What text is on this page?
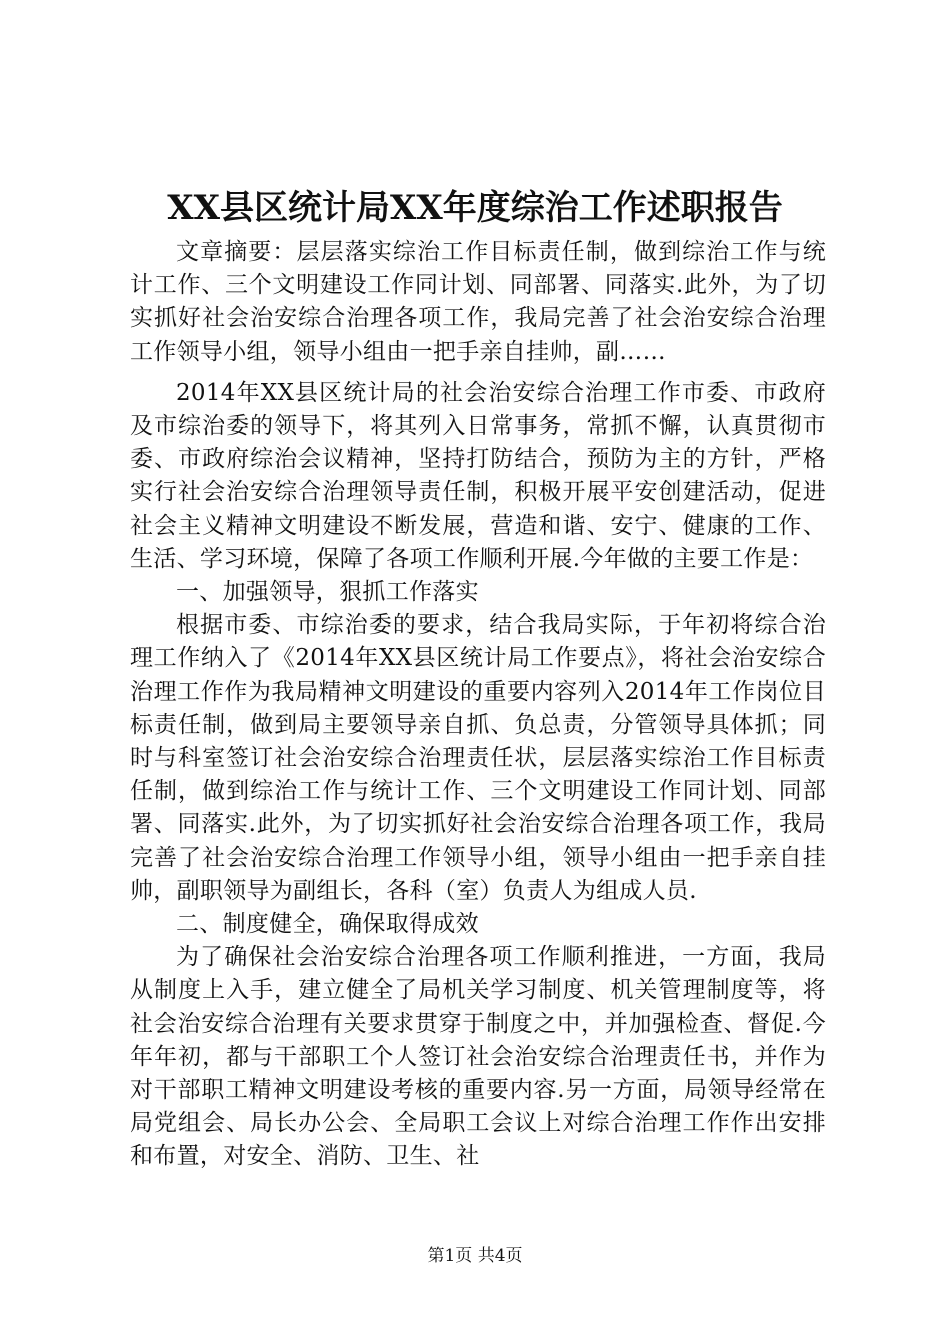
XX县区统计局XX年度综治工作述职报告

文章摘要：层层落实综治工作目标责任制，做到综治工作与统计工作、三个文明建设工作同计划、同部署、同落实.此外，为了切实抓好社会治安综合治理各项工作，我局完善了社会治安综合治理工作领导小组，领导小组由一把手亲自挂帅，副……

2014年XX县区统计局的社会治安综合治理工作市委、市政府及市综治委的领导下，将其列入日常事务，常抓不懈，认真贯彻市委、市政府综治会议精神，坚持打防结合，预防为主的方针，严格实行社会治安综合治理领导责任制，积极开展平安创建活动，促进社会主义精神文明建设不断发展，营造和谐、安宁、健康的工作、生活、学习环境，保障了各项工作顺利开展.今年做的主要工作是：

一、加强领导，狠抓工作落实

根据市委、市综治委的要求，结合我局实际，于年初将综合治理工作纳入了《2014年XX县区统计局工作要点》，将社会治安综合治理工作作为我局精神文明建设的重要内容列入2014年工作岗位目标责任制，做到局主要领导亲自抓、负总责，分管领导具体抓；同时与科室签订社会治安综合治理责任状，层层落实综治工作目标责任制，做到综治工作与统计工作、三个文明建设工作同计划、同部署、同落实.此外，为了切实抓好社会治安综合治理各项工作，我局完善了社会治安综合治理工作领导小组，领导小组由一把手亲自挂帅，副职领导为副组长，各科（室）负责人为组成人员.

二、制度健全，确保取得成效

为了确保社会治安综合治理各项工作顺利推进，一方面，我局从制度上入手，建立健全了局机关学习制度、机关管理制度等，将社会治安综合治理有关要求贯穿于制度之中，并加强检查、督促.今年年初，都与干部职工个人签订社会治安综合治理责任书，并作为对干部职工精神文明建设考核的重要内容.另一方面，局领导经常在局党组会、局长办公会、全局职工会议上对综合治理工作作出安排和布置，对安全、消防、卫生、社

第1页 共4页
